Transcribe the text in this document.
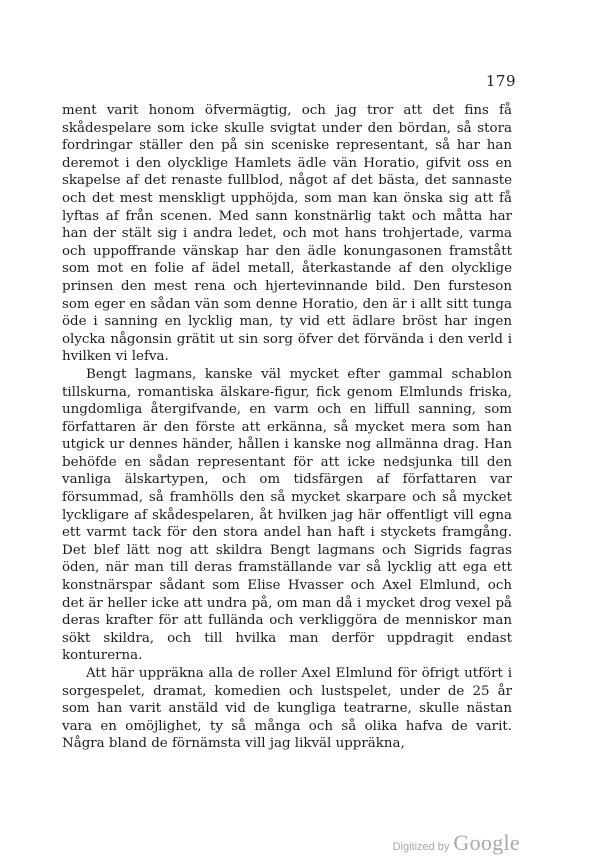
179

ment varit honom öfvermägtig, och jag tror att det fins få skådespelare som icke skulle svigtat under den bördan, så stora fordringar ställer den på sin sceniske representant, så har han deremot i den olycklige Hamlets ädle vän Horatio, gifvit oss en skapelse af det renaste fullblod, något af det bästa, det sannaste och det mest menskligt upphöjda, som man kan önska sig att få lyftas af från scenen. Med sann konstnärlig takt och måtta har han der stält sig i andra ledet, och mot hans trohjertade, varma och uppoffrande vänskap har den ädle konungasonen framstått som mot en folie af ädel metall, återkastande af den olycklige prinsen den mest rena och hjertevinnande bild. Den fursteson som eger en sådan vän som denne Horatio, den är i allt sitt tunga öde i sanning en lycklig man, ty vid ett ädlare bröst har ingen olycka någonsin grätit ut sin sorg öfver det förvända i den verld i hvilken vi lefva.

Bengt lagmans, kanske väl mycket efter gammal schablon tillskurna, romantiska älskare-figur, fick genom Elmlunds friska, ungdomliga återgifvande, en varm och en liffull sanning, som författaren är den förste att erkänna, så mycket mera som han utgick ur dennes händer, hållen i kanske nog allmänna drag. Han behöfde en sådan representant för att icke nedsjunka till den vanliga älskartypen, och om tidsfärgen af författaren var försummad, så framhölls den så mycket skarpare och så mycket lyckligare af skådespelaren, åt hvilken jag här offentligt vill egna ett varmt tack för den stora andel han haft i styckets framgång. Det blef lätt nog att skildra Bengt lagmans och Sigrids fagras öden, när man till deras framställande var så lycklig att ega ett konstnärspar sådant som Elise Hvasser och Axel Elmlund, och det är heller icke att undra på, om man då i mycket drog vexel på deras krafter för att fullända och verkliggöra de menniskor man sökt skildra, och till hvilka man derför uppdragit endast konturerna.

Att här uppräkna alla de roller Axel Elmlund för öfrigt utfört i sorgespelet, dramat, komedien och lustspelet, under de 25 år som han varit anstäld vid de kungliga teatrarne, skulle nästan vara en omöjlighet, ty så många och så olika hafva de varit. Några bland de förnämsta vill jag likväl uppräkna,

Digitized by Google
